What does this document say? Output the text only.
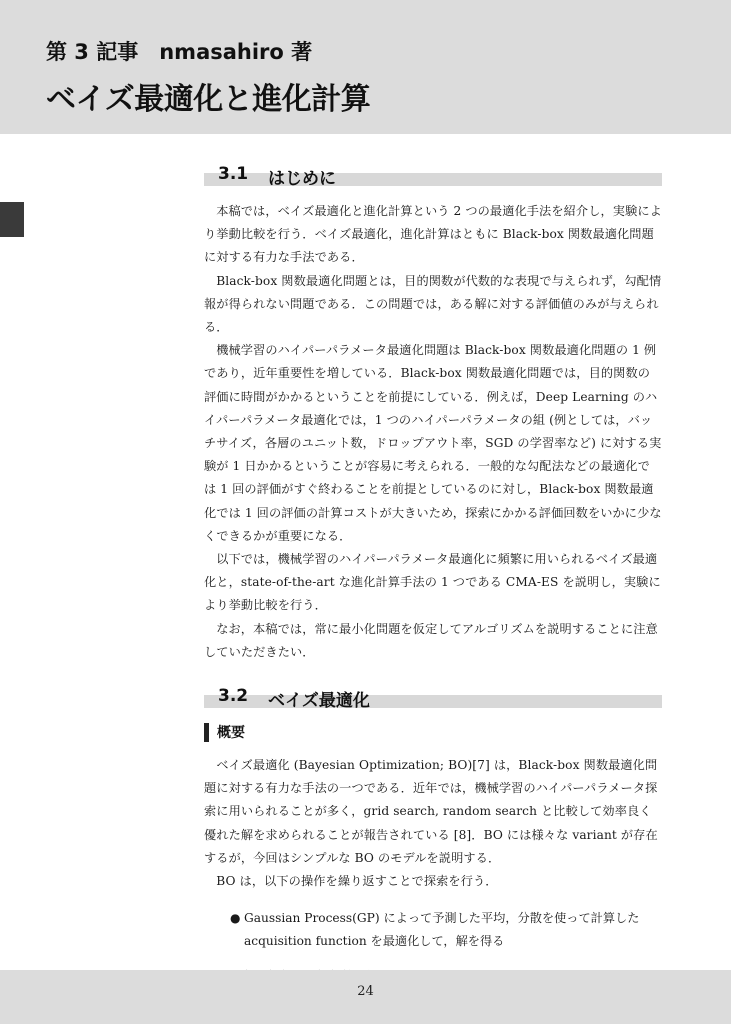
第 3 記事　nmasahiro 著
ベイズ最適化と進化計算
3.1 はじめに

本稿では，ベイズ最適化と進化計算という 2 つの最適化手法を紹介し，実験により挙動比較を行う．ベイズ最適化，進化計算はともに Black-box 関数最適化問題に対する有力な手法である．

Black-box 関数最適化問題とは，目的関数が代数的な表現で与えられず，勾配情報が得られない問題である．この問題では，ある解に対する評価値のみが与えられる．

機械学習のハイパーパラメータ最適化問題は Black-box 関数最適化問題の 1 例であり，近年重要性を増している．Black-box 関数最適化問題では，目的関数の評価に時間がかかるということを前提にしている．例えば，Deep Learning のハイパーパラメータ最適化では，1 つのハイパーパラメータの組 (例としては，バッチサイズ，各層のユニット数，ドロップアウト率，SGD の学習率など) に対する実験が 1 日かかるということが容易に考えられる．一般的な勾配法などの最適化では 1 回の評価がすぐ終わることを前提としているのに対し，Black-box 関数最適化では 1 回の評価の計算コストが大きいため，探索にかかる評価回数をいかに少なくできるかが重要になる．

以下では，機械学習のハイパーパラメータ最適化に頻繁に用いられるベイズ最適化と，state-of-the-art な進化計算手法の 1 つである CMA-ES を説明し，実験により挙動比較を行う．

なお，本稿では，常に最小化問題を仮定してアルゴリズムを説明することに注意していただきたい．

3.2 ベイズ最適化
概要

ベイズ最適化 (Bayesian Optimization; BO)[7] は，Black-box 関数最適化問題に対する有力な手法の一つである．近年では，機械学習のハイパーパラメータ探索に用いられることが多く，grid search, random search と比較して効率良く優れた解を求められることが報告されている [8]．BO には様々な variant が存在するが，今回はシンプルな BO のモデルを説明する．

BO は，以下の操作を繰り返すことで探索を行う．

● Gaussian Process(GP) によって予測した平均，分散を使って計算した acquisition function を最適化して，解を得る
24
